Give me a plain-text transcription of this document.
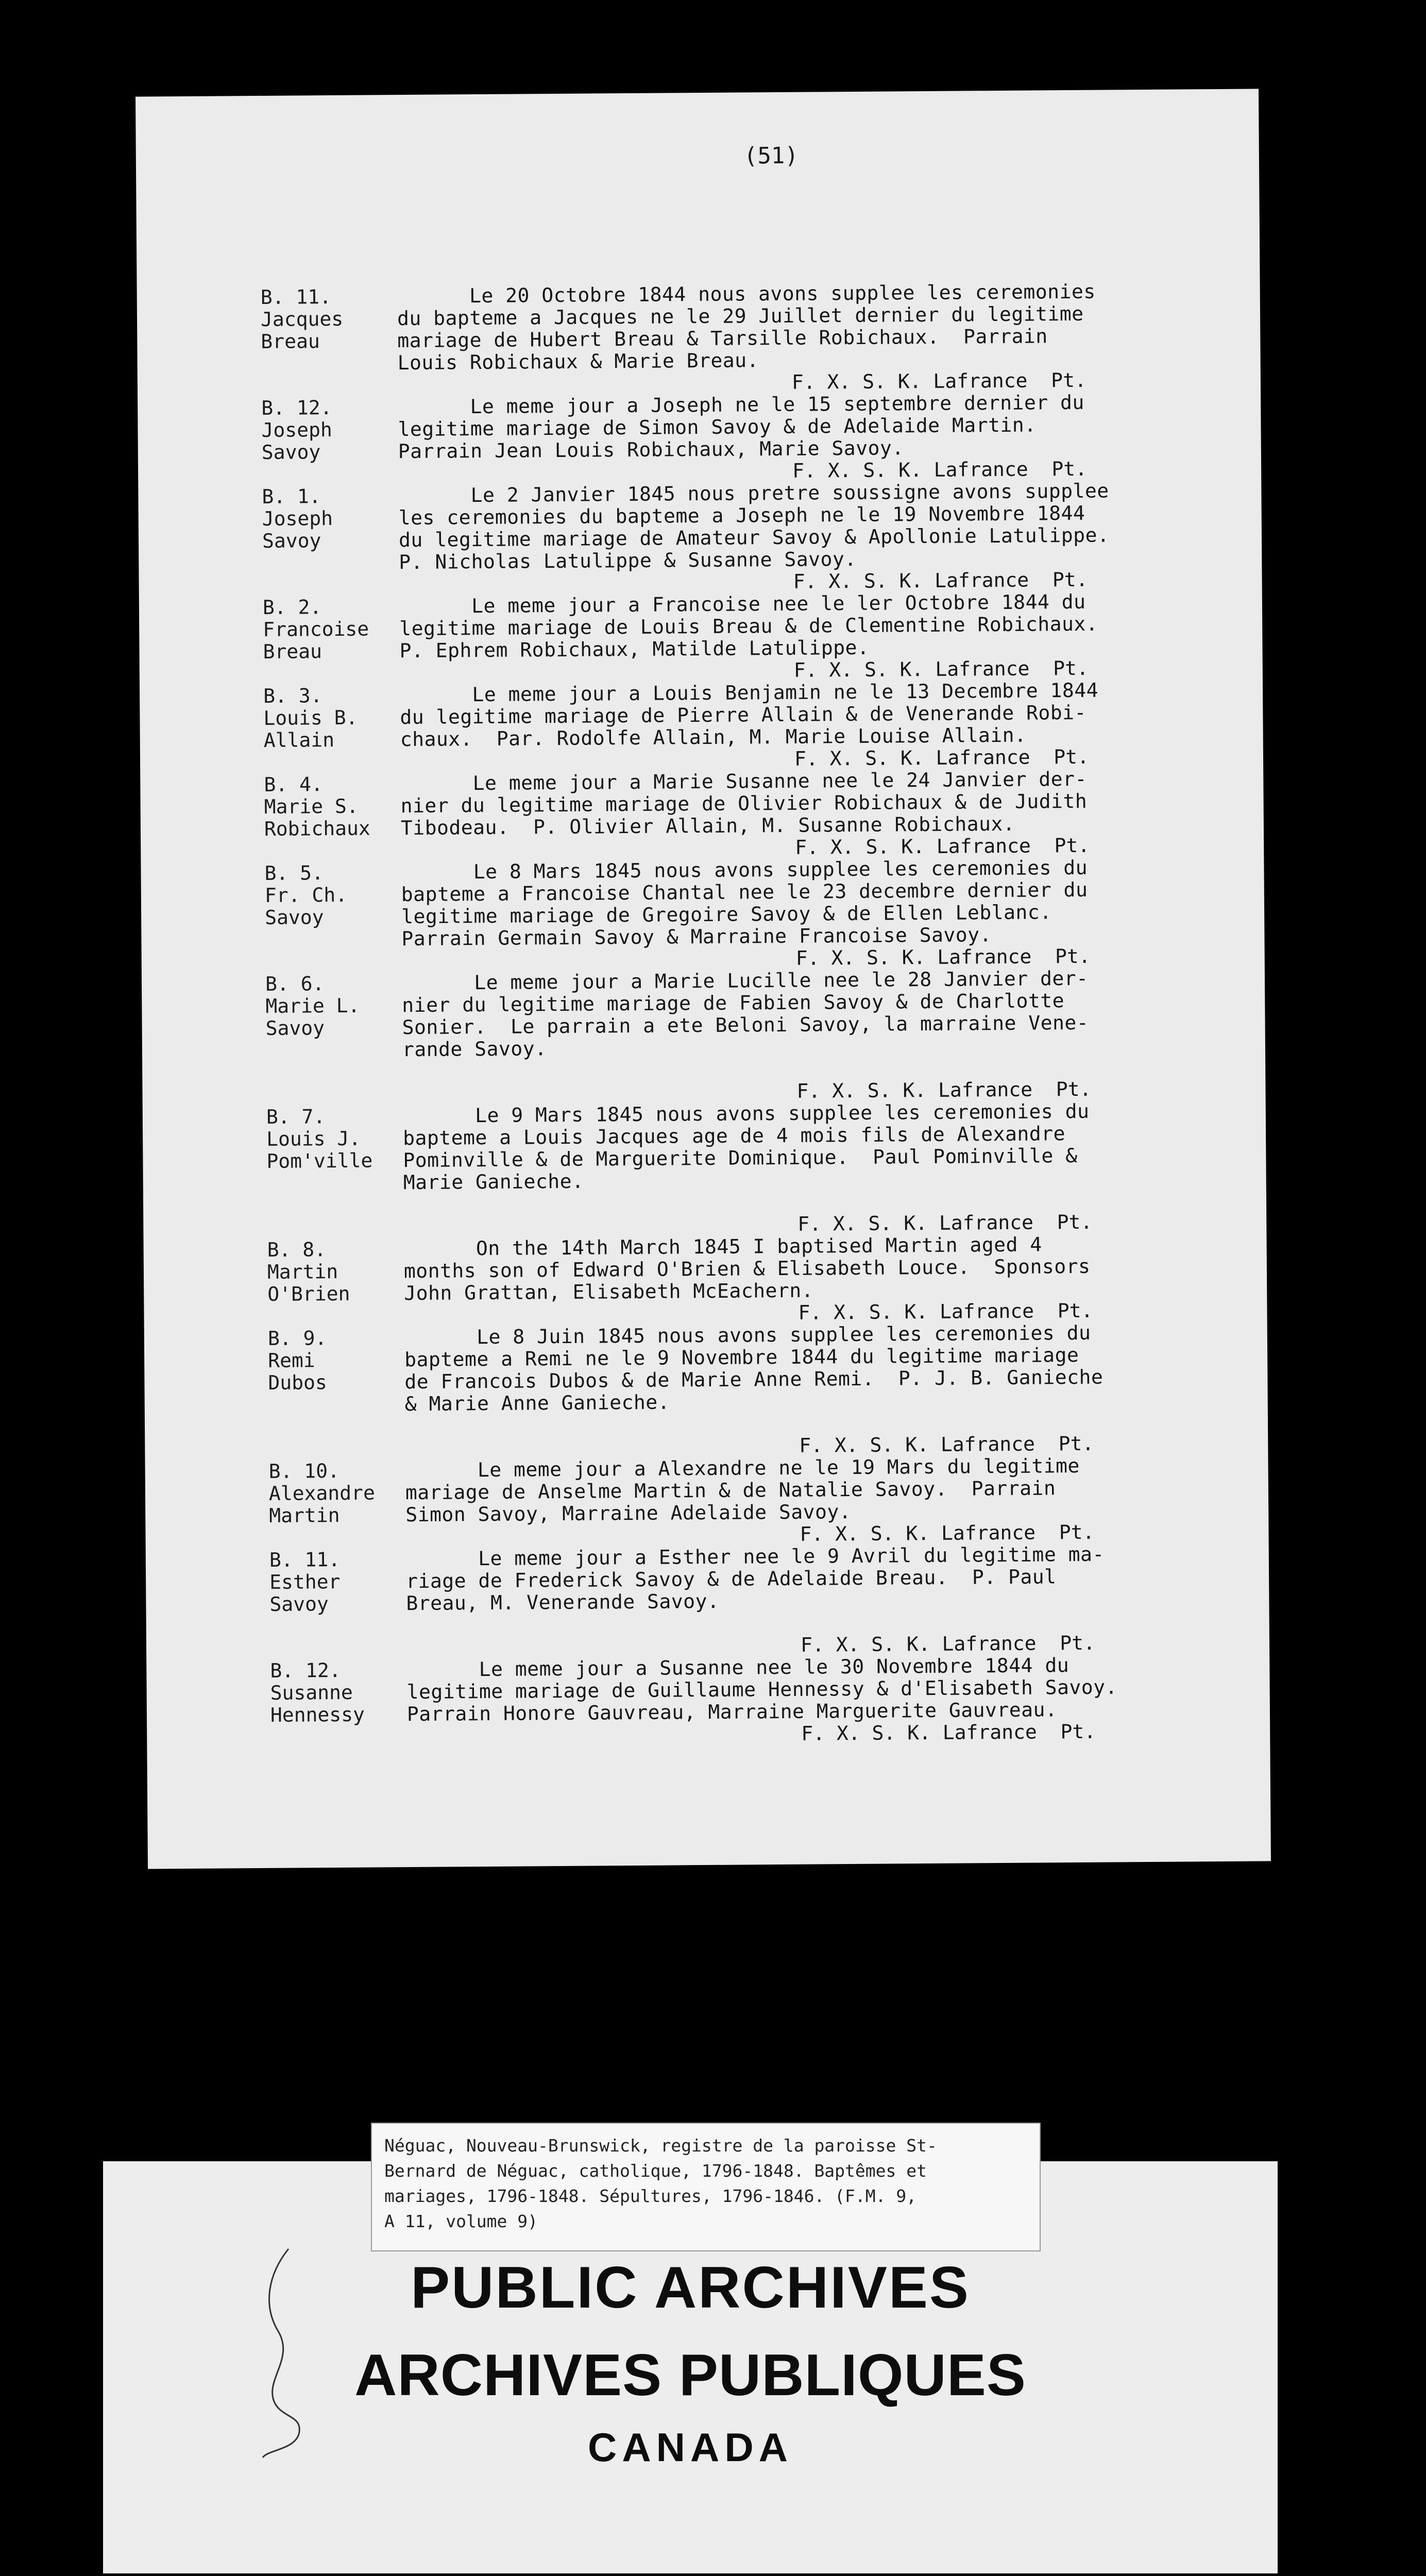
(51)
B. 11.
Jacques
Breau

Le 20 Octobre 1844 nous avons supplee les ceremonies

du bapteme a Jacques ne le 29 Juillet dernier du legitime

mariage de Hubert Breau & Tarsille Robichaux.  Parrain

Louis Robichaux & Marie Breau.

F. X. S. K. Lafrance  Pt.
B. 12.
Joseph
Savoy

Le meme jour a Joseph ne le 15 septembre dernier du

legitime mariage de Simon Savoy & de Adelaide Martin.

Parrain Jean Louis Robichaux, Marie Savoy.

F. X. S. K. Lafrance  Pt.
B. 1.
Joseph
Savoy

Le 2 Janvier 1845 nous pretre soussigne avons supplee

les ceremonies du bapteme a Joseph ne le 19 Novembre 1844

du legitime mariage de Amateur Savoy & Apollonie Latulippe.

P. Nicholas Latulippe & Susanne Savoy.

F. X. S. K. Lafrance  Pt.
B. 2.
Francoise
Breau

Le meme jour a Francoise nee le ler Octobre 1844 du

legitime mariage de Louis Breau & de Clementine Robichaux.

P. Ephrem Robichaux, Matilde Latulippe.

F. X. S. K. Lafrance  Pt.
B. 3.
Louis B.
Allain

Le meme jour a Louis Benjamin ne le 13 Decembre 1844

du legitime mariage de Pierre Allain & de Venerande Robi-

chaux.  Par. Rodolfe Allain, M. Marie Louise Allain.

F. X. S. K. Lafrance  Pt.
B. 4.
Marie S.
Robichaux

Le meme jour a Marie Susanne nee le 24 Janvier der-

nier du legitime mariage de Olivier Robichaux & de Judith

Tibodeau.  P. Olivier Allain, M. Susanne Robichaux.

F. X. S. K. Lafrance  Pt.
B. 5.
Fr. Ch.
Savoy

Le 8 Mars 1845 nous avons supplee les ceremonies du

bapteme a Francoise Chantal nee le 23 decembre dernier du

legitime mariage de Gregoire Savoy & de Ellen Leblanc.

Parrain Germain Savoy & Marraine Francoise Savoy.

F. X. S. K. Lafrance  Pt.
B. 6.
Marie L.
Savoy

Le meme jour a Marie Lucille nee le 28 Janvier der-

nier du legitime mariage de Fabien Savoy & de Charlotte

Sonier.  Le parrain a ete Beloni Savoy, la marraine Vene-

rande Savoy.

F. X. S. K. Lafrance  Pt.
B. 7.
Louis J.
Pom'ville

Le 9 Mars 1845 nous avons supplee les ceremonies du

bapteme a Louis Jacques age de 4 mois fils de Alexandre

Pominville & de Marguerite Dominique.  Paul Pominville &

Marie Ganieche.

F. X. S. K. Lafrance  Pt.
B. 8.
Martin
O'Brien

On the 14th March 1845 I baptised Martin aged 4

months son of Edward O'Brien & Elisabeth Louce.  Sponsors

John Grattan, Elisabeth McEachern.

F. X. S. K. Lafrance  Pt.
B. 9.
Remi
Dubos

Le 8 Juin 1845 nous avons supplee les ceremonies du

bapteme a Remi ne le 9 Novembre 1844 du legitime mariage

de Francois Dubos & de Marie Anne Remi.  P. J. B. Ganieche

& Marie Anne Ganieche.

F. X. S. K. Lafrance  Pt.
B. 10.
Alexandre
Martin

Le meme jour a Alexandre ne le 19 Mars du legitime

mariage de Anselme Martin & de Natalie Savoy.  Parrain

Simon Savoy, Marraine Adelaide Savoy.

F. X. S. K. Lafrance  Pt.
B. 11.
Esther
Savoy

Le meme jour a Esther nee le 9 Avril du legitime ma-

riage de Frederick Savoy & de Adelaide Breau.  P. Paul

Breau, M. Venerande Savoy.

F. X. S. K. Lafrance  Pt.
B. 12.
Susanne
Hennessy

Le meme jour a Susanne nee le 30 Novembre 1844 du

legitime mariage de Guillaume Hennessy & d'Elisabeth Savoy.

Parrain Honore Gauvreau, Marraine Marguerite Gauvreau.

F. X. S. K. Lafrance  Pt.
Néguac, Nouveau-Brunswick, registre de la paroisse St-
Bernard de Néguac, catholique, 1796-1848. Baptêmes et
mariages, 1796-1848. Sépultures, 1796-1846. (F.M. 9,
A 11, volume 9)
PUBLIC ARCHIVES
ARCHIVES PUBLIQUES
CANADA
